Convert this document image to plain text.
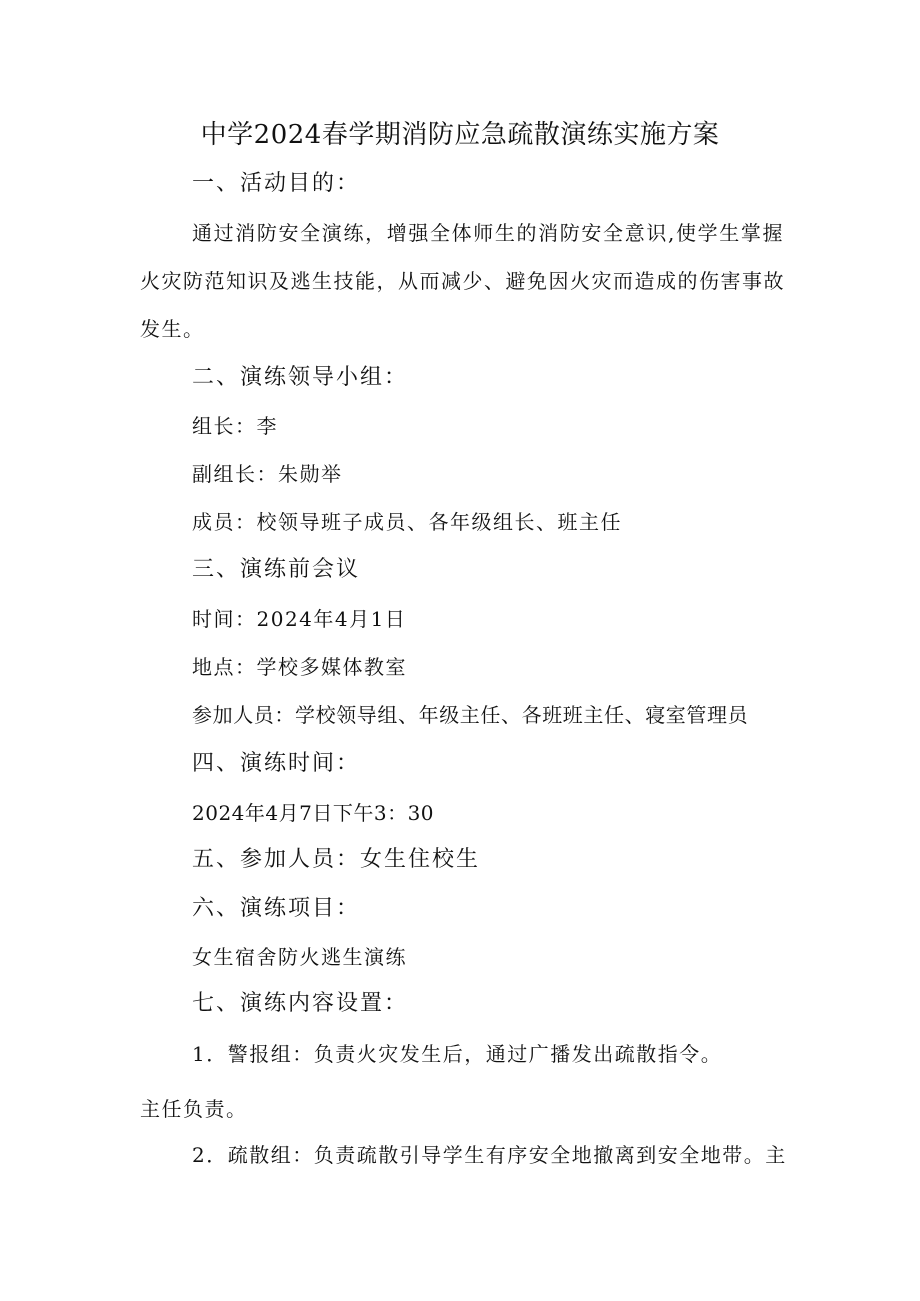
中学2024春学期消防应急疏散演练实施方案
一、活动目的：
通过消防安全演练，增强全体师生的消防安全意识,使学生掌握
火灾防范知识及逃生技能，从而减少、避免因火灾而造成的伤害事故
发生。
二、演练领导小组：
组长：李
副组长：朱勋举
成员：校领导班子成员、各年级组长、班主任
三、演练前会议
时间：2024年4月1日
地点：学校多媒体教室
参加人员：学校领导组、年级主任、各班班主任、寝室管理员
四、演练时间：
2024年4月7日下午3：30
五、参加人员：女生住校生
六、演练项目：
女生宿舍防火逃生演练
七、演练内容设置：
1．警报组：负责火灾发生后，通过广播发出疏散指令。
主任负责。
2．疏散组：负责疏散引导学生有序安全地撤离到安全地带。主
